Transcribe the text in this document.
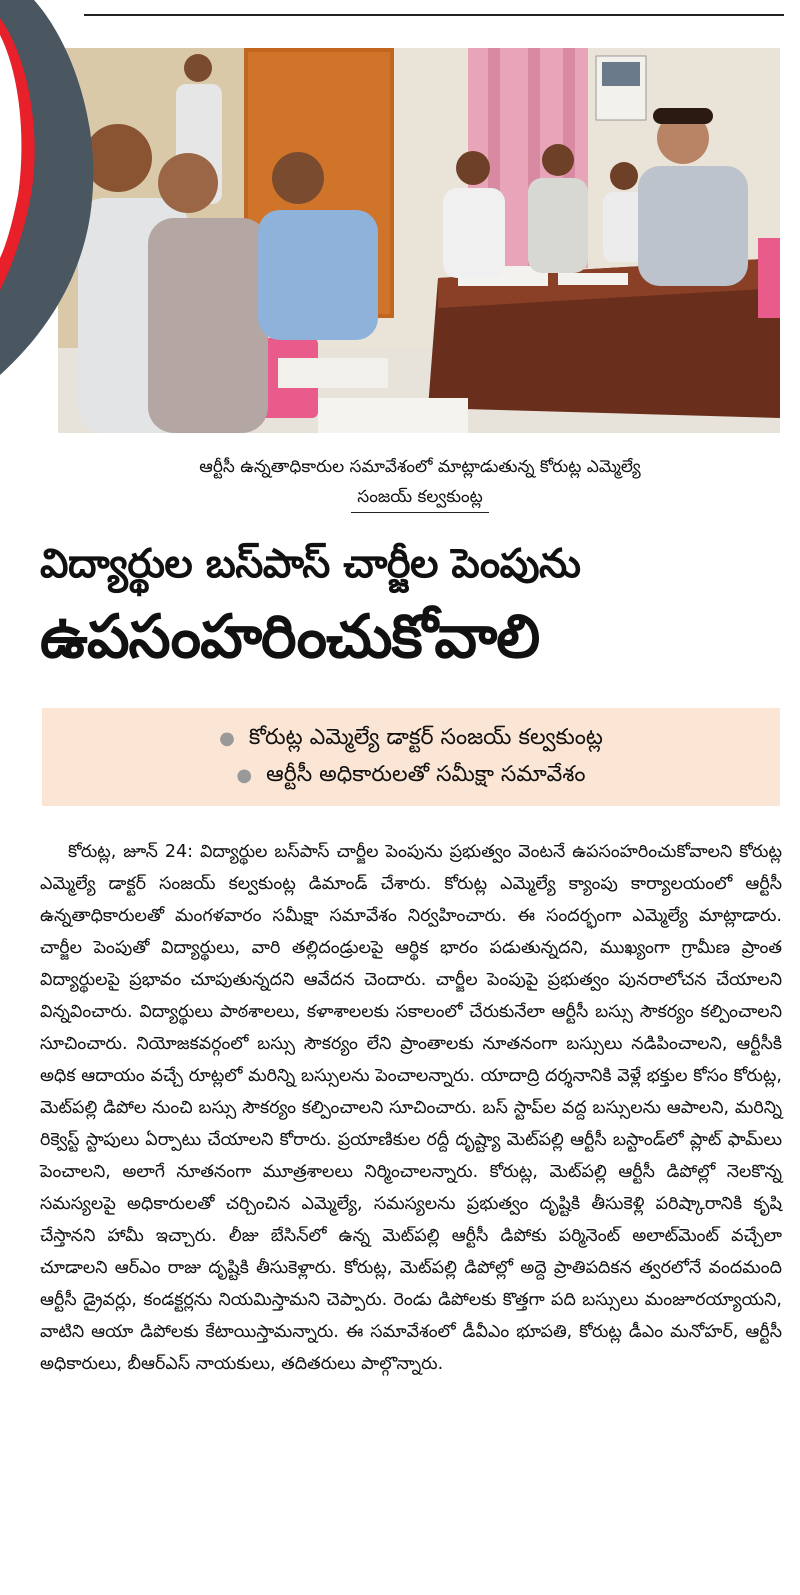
ఆర్టీసీ ఉన్నతాధికారుల సమావేశంలో మాట్లాడుతున్న కోరుట్ల ఎమ్మెల్యే
సంజయ్ కల్వకుంట్ల
విద్యార్థుల బస్‌పాస్ చార్జీల పెంపును
ఉపసంహరించుకోవాలి
● కోరుట్ల ఎమ్మెల్యే డాక్టర్ సంజయ్ కల్వకుంట్ల
● ఆర్టీసీ అధికారులతో సమీక్షా సమావేశం
కోరుట్ల, జూన్ 24: విద్యార్థుల బస్‌పాస్ చార్జీల పెంపును ప్రభుత్వం వెంటనే ఉపసంహరించుకోవాలని కోరుట్ల ఎమ్మెల్యే డాక్టర్ సంజయ్ కల్వకుంట్ల డిమాండ్ చేశారు. కోరుట్ల ఎమ్మెల్యే క్యాంపు కార్యాలయంలో ఆర్టీసీ ఉన్నతాధికారులతో మంగళవారం సమీక్షా సమావేశం నిర్వహించారు. ఈ సందర్భంగా ఎమ్మెల్యే మాట్లాడారు. చార్జీల పెంపుతో విద్యార్థులు, వారి తల్లిదండ్రులపై ఆర్థిక భారం పడుతున్నదని, ముఖ్యంగా గ్రామీణ ప్రాంత విద్యార్థులపై ప్రభావం చూపుతున్నదని ఆవేదన చెందారు. చార్జీల పెంపుపై ప్రభుత్వం పునరాలోచన చేయాలని విన్నవించారు. విద్యార్థులు పాఠశాలలు, కళాశాలలకు సకాలంలో చేరుకునేలా ఆర్టీసీ బస్సు సౌకర్యం కల్పించాలని సూచించారు. నియోజకవర్గంలో బస్సు సౌకర్యం లేని ప్రాంతాలకు నూతనంగా బస్సులు నడిపించాలని, ఆర్టీసీకి అధిక ఆదాయం వచ్చే రూట్లలో మరిన్ని బస్సులను పెంచాలన్నారు. యాదాద్రి దర్శనానికి వెళ్లే భక్తుల కోసం కోరుట్ల, మెట్‌పల్లి డిపోల నుంచి బస్సు సౌకర్యం కల్పించాలని సూచించారు. బస్ స్టాప్‌ల వద్ద బస్సులను ఆపాలని, మరిన్ని రిక్వెస్ట్ స్టాపులు ఏర్పాటు చేయాలని కోరారు. ప్రయాణికుల రద్దీ దృష్ట్యా మెట్‌పల్లి ఆర్టీసీ బస్టాండ్‌లో ప్లాట్ ఫామ్‌లు పెంచాలని, అలాగే నూతనంగా మూత్రశాలలు నిర్మించాలన్నారు. కోరుట్ల, మెట్‌పల్లి ఆర్టీసీ డిపోల్లో నెలకొన్న సమస్యలపై అధికారులతో చర్చించిన ఎమ్మెల్యే, సమస్యలను ప్రభుత్వం దృష్టికి తీసుకెళ్లి పరిష్కారానికి కృషి చేస్తానని హామీ ఇచ్చారు. లీజు బేసిన్‌లో ఉన్న మెట్‌పల్లి ఆర్టీసీ డిపోకు పర్మినెంట్ అలాట్‌మెంట్ వచ్చేలా చూడాలని ఆర్‌ఎం రాజు దృష్టికి తీసుకెళ్లారు. కోరుట్ల, మెట్‌పల్లి డిపోల్లో అద్దె ప్రాతిపదికన త్వరలోనే వందమంది ఆర్టీసీ డ్రైవర్లు, కండక్టర్లను నియమిస్తామని చెప్పారు. రెండు డిపోలకు కొత్తగా పది బస్సులు మంజూరయ్యాయని, వాటిని ఆయా డిపోలకు కేటాయిస్తామన్నారు. ఈ సమావేశంలో డీవీఎం భూపతి, కోరుట్ల డీఎం మనోహర్, ఆర్టీసీ అధికారులు, బీఆర్‌ఎస్ నాయకులు, తదితరులు పాల్గొన్నారు.
